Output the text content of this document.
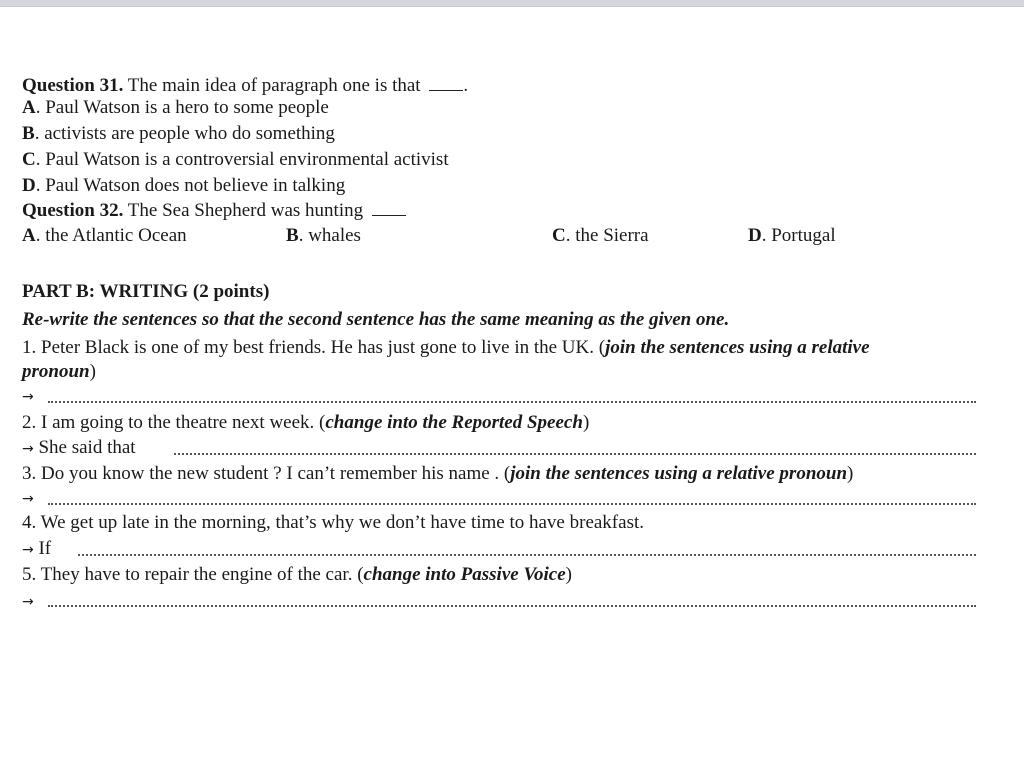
Question 31. The main idea of paragraph one is that .
A. Paul Watson is a hero to some people
B. activists are people who do something
C. Paul Watson is a controversial environmental activist
D. Paul Watson does not believe in talking
Question 32. The Sea Shepherd was hunting
A. the Atlantic Ocean	B. whales	C. the Sierra	D. Portugal
PART B: WRITING (2 points)
Re-write the sentences so that the second sentence has the same meaning as the given one.
1. Peter Black is one of my best friends. He has just gone to live in the UK. (join the sentences using a relative
pronoun)
→
2. I am going to the theatre next week. (change into the Reported Speech)
→ She said that
3. Do you know the new student ? I can’t remember his name . (join the sentences using a relative pronoun)
→
4. We get up late in the morning, that’s why we don’t have time to have breakfast.
→ If
5. They have to repair the engine of the car. (change into Passive Voice)
→
